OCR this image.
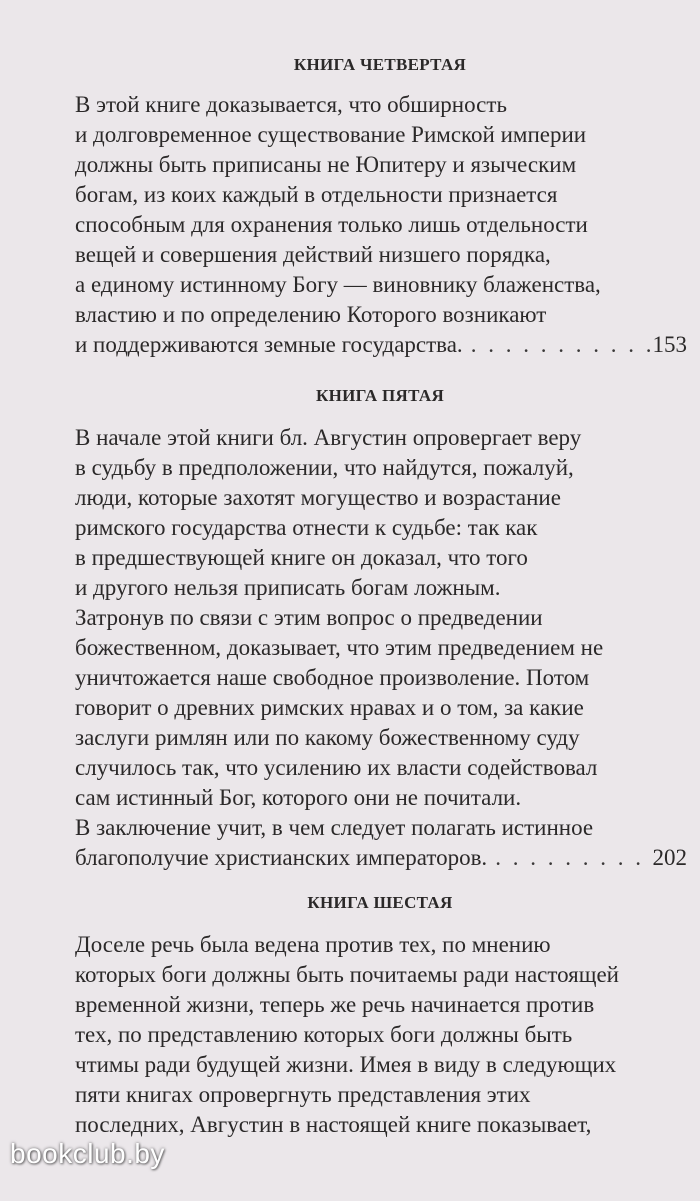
КНИГА ЧЕТВЕРТАЯ
В этой книге доказывается, что обширность
и долговременное существование Римской империи
должны быть приписаны не Юпитеру и языческим
богам, из коих каждый в отдельности признается
способным для охранения только лишь отдельности
вещей и совершения действий низшего порядка,
а единому истинному Богу — виновнику блаженства,
властию и по определению Которого возникают
и поддерживаются земные государства. . . .	153
КНИГА ПЯТАЯ
В начале этой книги бл. Августин опровергает веру
в судьбу в предположении, что найдутся, пожалуй,
люди, которые захотят могущество и возрастание
римского государства отнести к судьбе: так как
в предшествующей книге он доказал, что того
и другого нельзя приписать богам ложным.
Затронув по связи с этим вопрос о предведении
божественном, доказывает, что этим предведением не
уничтожается наше свободное произволение. Потом
говорит о древних римских нравах и о том, за какие
заслуги римлян или по какому божественному суду
случилось так, что усилению их власти содействовал
сам истинный Бог, которого они не почитали.
В заключение учит, в чем следует полагать истинное
благополучие христианских императоров. . . .	202
КНИГА ШЕСТАЯ
Доселе речь была ведена против тех, по мнению
которых боги должны быть почитаемы ради настоящей
временной жизни, теперь же речь начинается против
тех, по представлению которых боги должны быть
чтимы ради будущей жизни. Имея в виду в следующих
пяти книгах опровергнуть представления этих
последних, Августин в настоящей книге показывает,
bookclub.by
